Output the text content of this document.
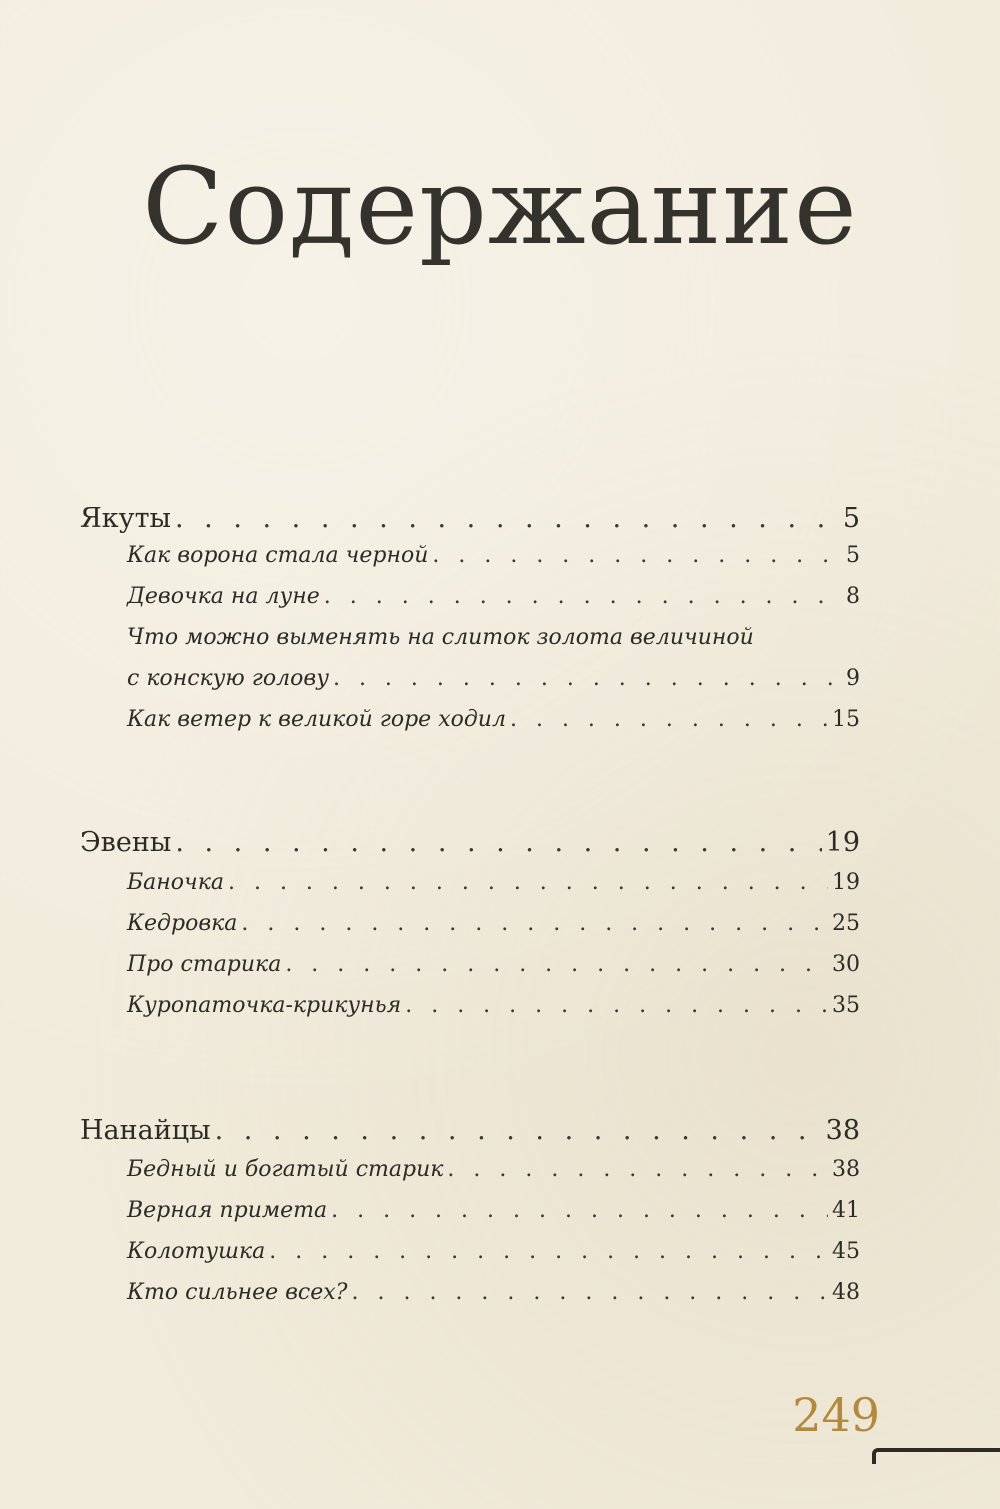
Содержание
Якуты . . .	5
Как ворона стала черной . . .	5
Девочка на луне . . .	8
Что можно выменять на слиток золота величиной
с конскую голову . . .	9
Как ветер к великой горе ходил . . .	15
Эвены . . .	19
Баночка . . .	19
Кедровка . . .	25
Про старика . . .	30
Куропаточка-крикунья . . .	35
Нанайцы . . .	38
Бедный и богатый старик . . .	38
Верная примета . . .	41
Колотушка . . .	45
Кто сильнее всех? . . .	48
249
